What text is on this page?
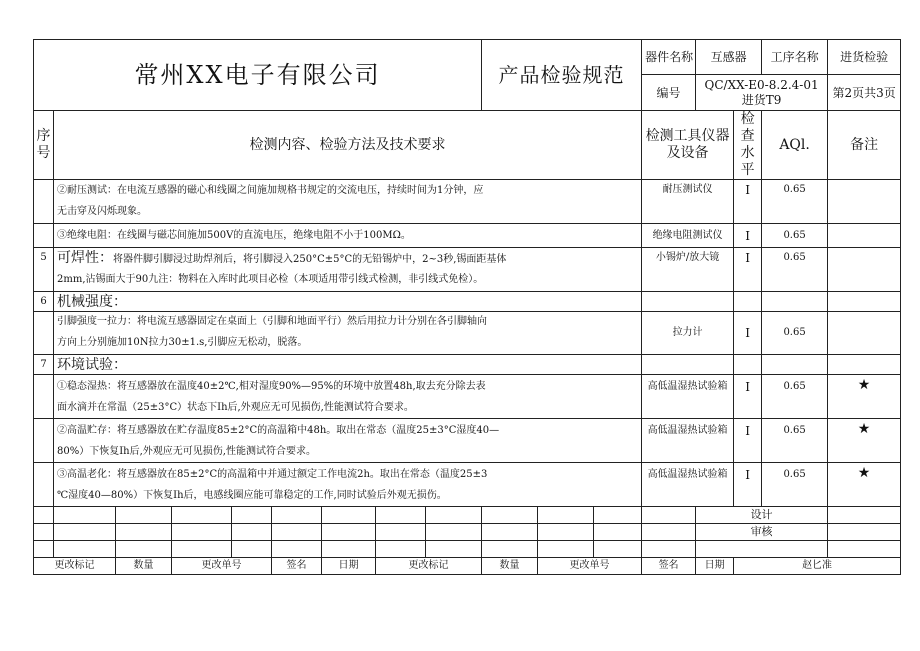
常州XX电子有限公司									产品检验规范			器件名称	互感器		工序名称	进货检验	
												编号	QC/XX-E0-8.2.4-01进货T9			第2页共3页	
序号	检测内容、检验方法及技术要求											检测工具仪器及设备		检查水平	AQl.	备注	
	②耐压测试：在电流互感器的磁心和线圈之间施加规格书规定的交流电压，持续时间为1分钟，应											耐压测试仪		I	0.65		
	无击穿及闪烁现象。																
	③绝缘电阻：在线圈与磁芯间施加500V的直流电压，绝缘电阻不小于100MΩ。											绝缘电阻测试仪		I	0.65		
5	可焊性：将器件脚引脚浸过助焊剂后，将引脚浸入250°C±5°C的无铅锡炉中，2~3秒,锡面距基体											小锡炉/放大镜		I	0.65		
	2mm,沾锡面大于90九注：物料在入库时此项目必检（本项适用带引线式检测，非引线式免检）。																
6	机械强度：																
	引脚强度一拉力：将电流互感器固定在桌面上（引脚和地面平行）然后用拉力计分别在各引脚轴向											拉力计		I	0.65		
	方向上分别施加10N拉力30±1.s,引脚应无松动，脱落。																
7	环境试验：																
	①稳态湿热：将互感器放在温度40±2℃,相对湿度90%—95%的环境中放置48h,取去充分除去表											高低温湿热试验箱		I	0.65	★	
	面水滴并在常温（25±3°C）状态下Ih后,外观应无可见损伤,性能测试符合要求。																
	②高温贮存：将互感器放在贮存温度85±2°C的高温箱中48h。取出在常态（温度25±3°C湿度40—											高低温湿热试验箱		I	0.65	★	
	80%）下恢复Ih后,外观应无可见损伤,性能测试符合要求。																
	③高温老化：将互感器放在85±2°C的高温箱中并通过额定工作电流2h。取出在常态（温度25±3											高低温湿热试验箱		I	0.65	★	
	℃湿度40—80%）下恢复Ih后，电感线圈应能可靠稳定的工作,同时试验后外观无损伤。																
													设计				
													审核				

更改标记		数量	更改单号		签名	日期	更改标记		数量	更改单号		签名	日期	赵匕准			
